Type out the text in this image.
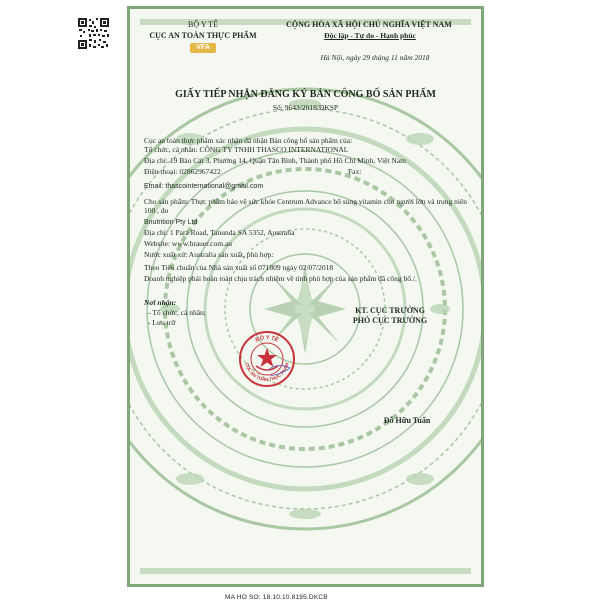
BỘ Y TẾ
CỤC AN TOÀN THỰC PHẨM
VFA
CỘNG HÒA XÃ HỘI CHỦ NGHĨA VIỆT NAM
Độc lập - Tự do - Hạnh phúc
Hà Nội, ngày 29 tháng 11 năm 2018
GIẤY TIẾP NHẬN ĐĂNG KÝ BẢN CÔNG BỐ SẢN PHẨM
Số: 9643/2018/ĐKSP
Cục an toàn thực phẩm xác nhận đã nhận Bản công bố sản phẩm của:
Tổ chức, cá nhân: CÔNG TY TNHH THASCO INTERNATIONAL
Địa chỉ: 19 Bàu Cát 3, Phường 14, Quận Tân Bình, Thành phố Hồ Chí Minh, Việt Nam
Điện thoại: 02862967422	Fax:
Email: thascointernational@gmail.com
Cho sản phẩm: Thực phẩm bảo vệ sức khỏe Centrum Advance bổ sung vitamin cho người lớn và trung niên 100 , do
Bnutrition Pty Ltd
Địa chỉ: 1 Para Road, Tanunda SA 5352, Australia
Website: www.brauer.com.au
Nước xuất xứ: Australia sản xuất, phù hợp:
Theo Tiêu chuẩn của Nhà sản xuất số 071809 ngày 02/07/2018
Doanh nghiệp phải hoàn toàn chịu trách nhiệm về tính phù hợp của sản phẩm đã công bố./.
Nơi nhận:
- Tổ chức, cá nhân;
- Lưu trữ
KT. CỤC TRƯỞNG
PHÓ CỤC TRƯỞNG
Đỗ Hữu Tuấn
BỘ Y TẾ
CỤC AN TOÀN THỰC PHẨM
MA HO SO: 18.10.10.8195.DKCB
